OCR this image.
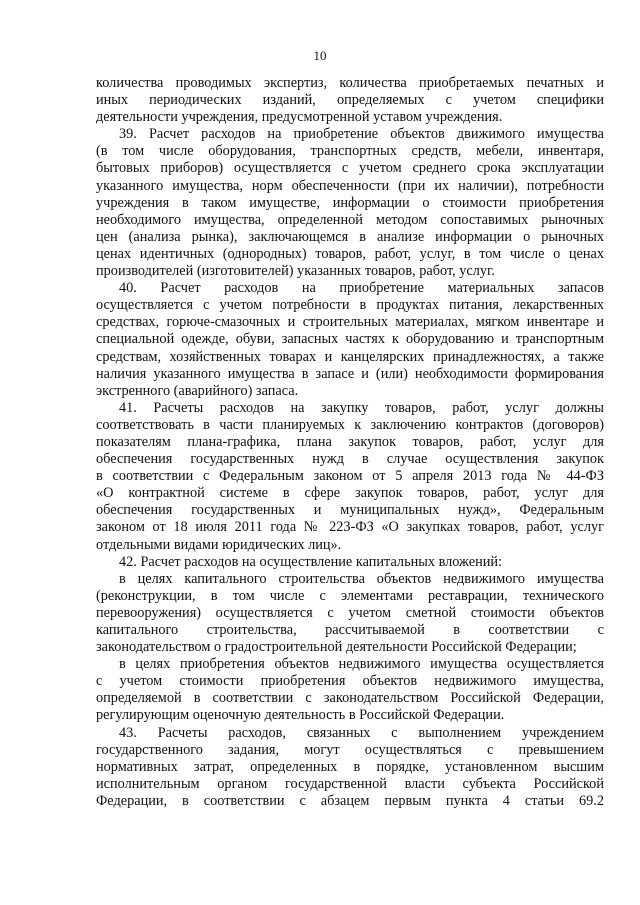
10
количества проводимых экспертиз, количества приобретаемых печатных и
иных периодических изданий, определяемых с учетом специфики
деятельности учреждения, предусмотренной уставом учреждения.
39. Расчет расходов на приобретение объектов движимого имущества
(в том числе оборудования, транспортных средств, мебели, инвентаря,
бытовых приборов) осуществляется с учетом среднего срока эксплуатации
указанного имущества, норм обеспеченности (при их наличии), потребности
учреждения в таком имуществе, информации о стоимости приобретения
необходимого имущества, определенной методом сопоставимых рыночных
цен (анализа рынка), заключающемся в анализе информации о рыночных
ценах идентичных (однородных) товаров, работ, услуг, в том числе о ценах
производителей (изготовителей) указанных товаров, работ, услуг.
40. Расчет расходов на приобретение материальных запасов
осуществляется с учетом потребности в продуктах питания, лекарственных
средствах, горюче-смазочных и строительных материалах, мягком инвентаре и
специальной одежде, обуви, запасных частях к оборудованию и транспортным
средствам, хозяйственных товарах и канцелярских принадлежностях, а также
наличия указанного имущества в запасе и (или) необходимости формирования
экстренного (аварийного) запаса.
41. Расчеты расходов на закупку товаров, работ, услуг должны
соответствовать в части планируемых к заключению контрактов (договоров)
показателям плана-графика, плана закупок товаров, работ, услуг для
обеспечения государственных нужд в случае осуществления закупок
в соответствии с Федеральным законом от 5 апреля 2013 года № 44-ФЗ
«О контрактной системе в сфере закупок товаров, работ, услуг для
обеспечения государственных и муниципальных нужд», Федеральным
законом от 18 июля 2011 года № 223-ФЗ «О закупках товаров, работ, услуг
отдельными видами юридических лиц».
42. Расчет расходов на осуществление капитальных вложений:
в целях капитального строительства объектов недвижимого имущества
(реконструкции, в том числе с элементами реставрации, технического
перевооружения) осуществляется с учетом сметной стоимости объектов
капитального строительства, рассчитываемой в соответствии с
законодательством о градостроительной деятельности Российской Федерации;
в целях приобретения объектов недвижимого имущества осуществляется
с учетом стоимости приобретения объектов недвижимого имущества,
определяемой в соответствии с законодательством Российской Федерации,
регулирующим оценочную деятельность в Российской Федерации.
43. Расчеты расходов, связанных с выполнением учреждением
государственного задания, могут осуществляться с превышением
нормативных затрат, определенных в порядке, установленном высшим
исполнительным органом государственной власти субъекта Российской
Федерации, в соответствии с абзацем первым пункта 4 статьи 69.2
